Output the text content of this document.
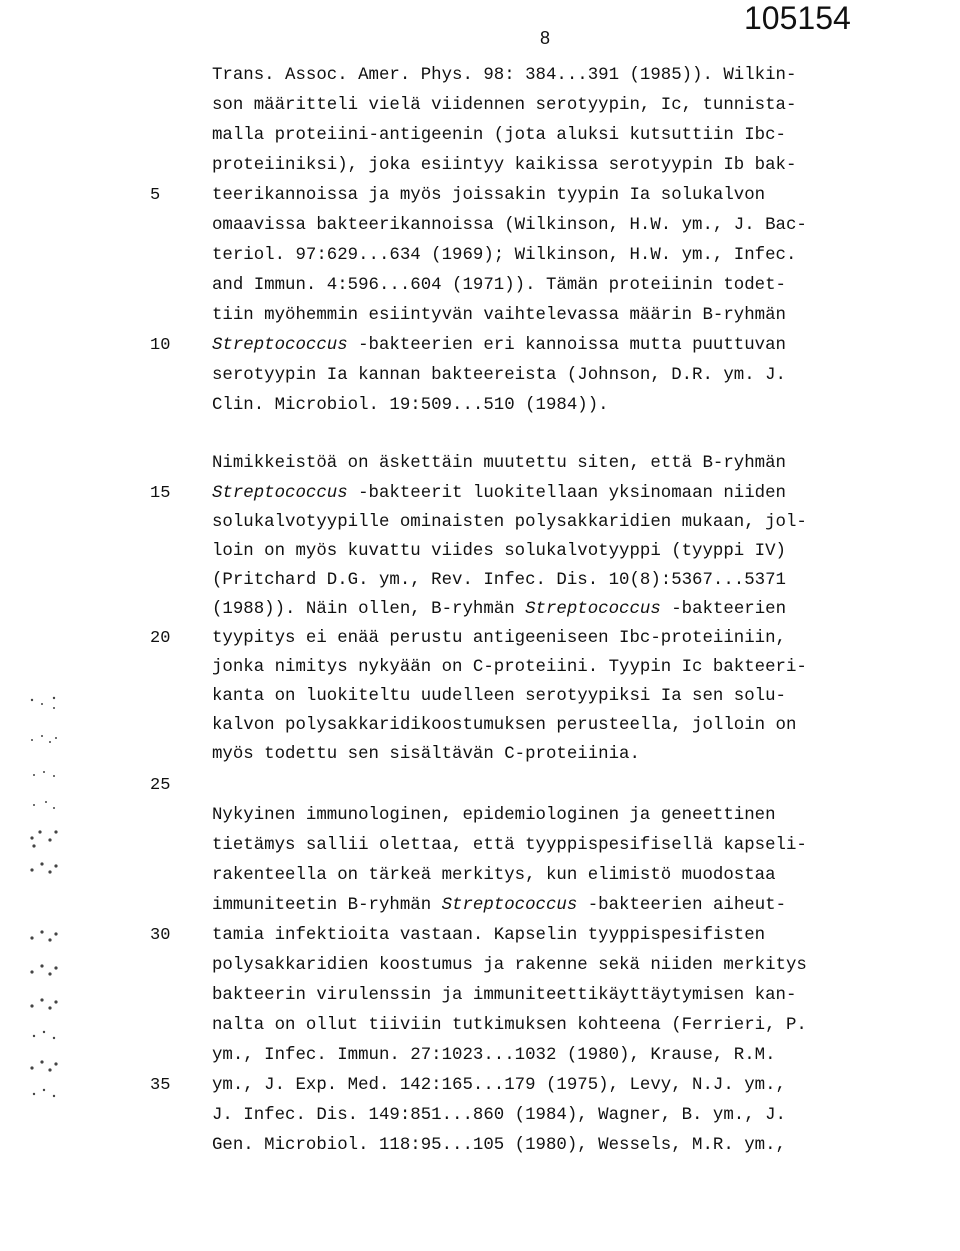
105154
8
Trans. Assoc. Amer. Phys. 98: 384...391 (1985)). Wilkin-
son määritteli vielä viidennen serotyypin, Ic, tunnista-
malla proteiini-antigeenin (jota aluksi kutsuttiin Ibc-
proteiiniksi), joka esiintyy kaikissa serotyypin Ib bak-
teerikannoissa ja myös joissakin tyypin Ia solukalvon
omaavissa bakteerikannoissa (Wilkinson, H.W. ym., J. Bac-
teriol. 97:629...634 (1969); Wilkinson, H.W. ym., Infec.
and Immun. 4:596...604 (1971)). Tämän proteiinin todet-
tiin myöhemmin esiintyvän vaihtelevassa määrin B-ryhmän
Streptococcus -bakteerien eri kannoissa mutta puuttuvan
serotyypin Ia kannan bakteereista (Johnson, D.R. ym. J.
Clin. Microbiol. 19:509...510 (1984)).
Nimikkeistöä on äskettäin muutettu siten, että B-ryhmän
Streptococcus -bakteerit luokitellaan yksinomaan niiden
solukalvotyypille ominaisten polysakkaridien mukaan, jol-
loin on myös kuvattu viides solukalvotyyppi (tyyppi IV)
(Pritchard D.G. ym., Rev. Infec. Dis. 10(8):5367...5371
(1988)). Näin ollen, B-ryhmän Streptococcus -bakteerien
tyypitys ei enää perustu antigeeniseen Ibc-proteiiniin,
jonka nimitys nykyään on C-proteiini. Tyypin Ic bakteeri-
kanta on luokiteltu uudelleen serotyypiksi Ia sen solu-
kalvon polysakkaridikoostumuksen perusteella, jolloin on
myös todettu sen sisältävän C-proteiinia.
Nykyinen immunologinen, epidemiologinen ja geneettinen
tietämys sallii olettaa, että tyyppispesifisellä kapseli-
rakenteella on tärkeä merkitys, kun elimistö muodostaa
immuniteetin B-ryhmän Streptococcus -bakteerien aiheut-
tamia infektioita vastaan. Kapselin tyyppispesifisten
polysakkaridien koostumus ja rakenne sekä niiden merkitys
bakteerin virulenssin ja immuniteettikäyttäytymisen kan-
nalta on ollut tiiviin tutkimuksen kohteena (Ferrieri, P.
ym., Infec. Immun. 27:1023...1032 (1980), Krause, R.M.
ym., J. Exp. Med. 142:165...179 (1975), Levy, N.J. ym.,
J. Infec. Dis. 149:851...860 (1984), Wagner, B. ym., J.
Gen. Microbiol. 118:95...105 (1980), Wessels, M.R. ym.,
5
10
15
20
25
30
35
